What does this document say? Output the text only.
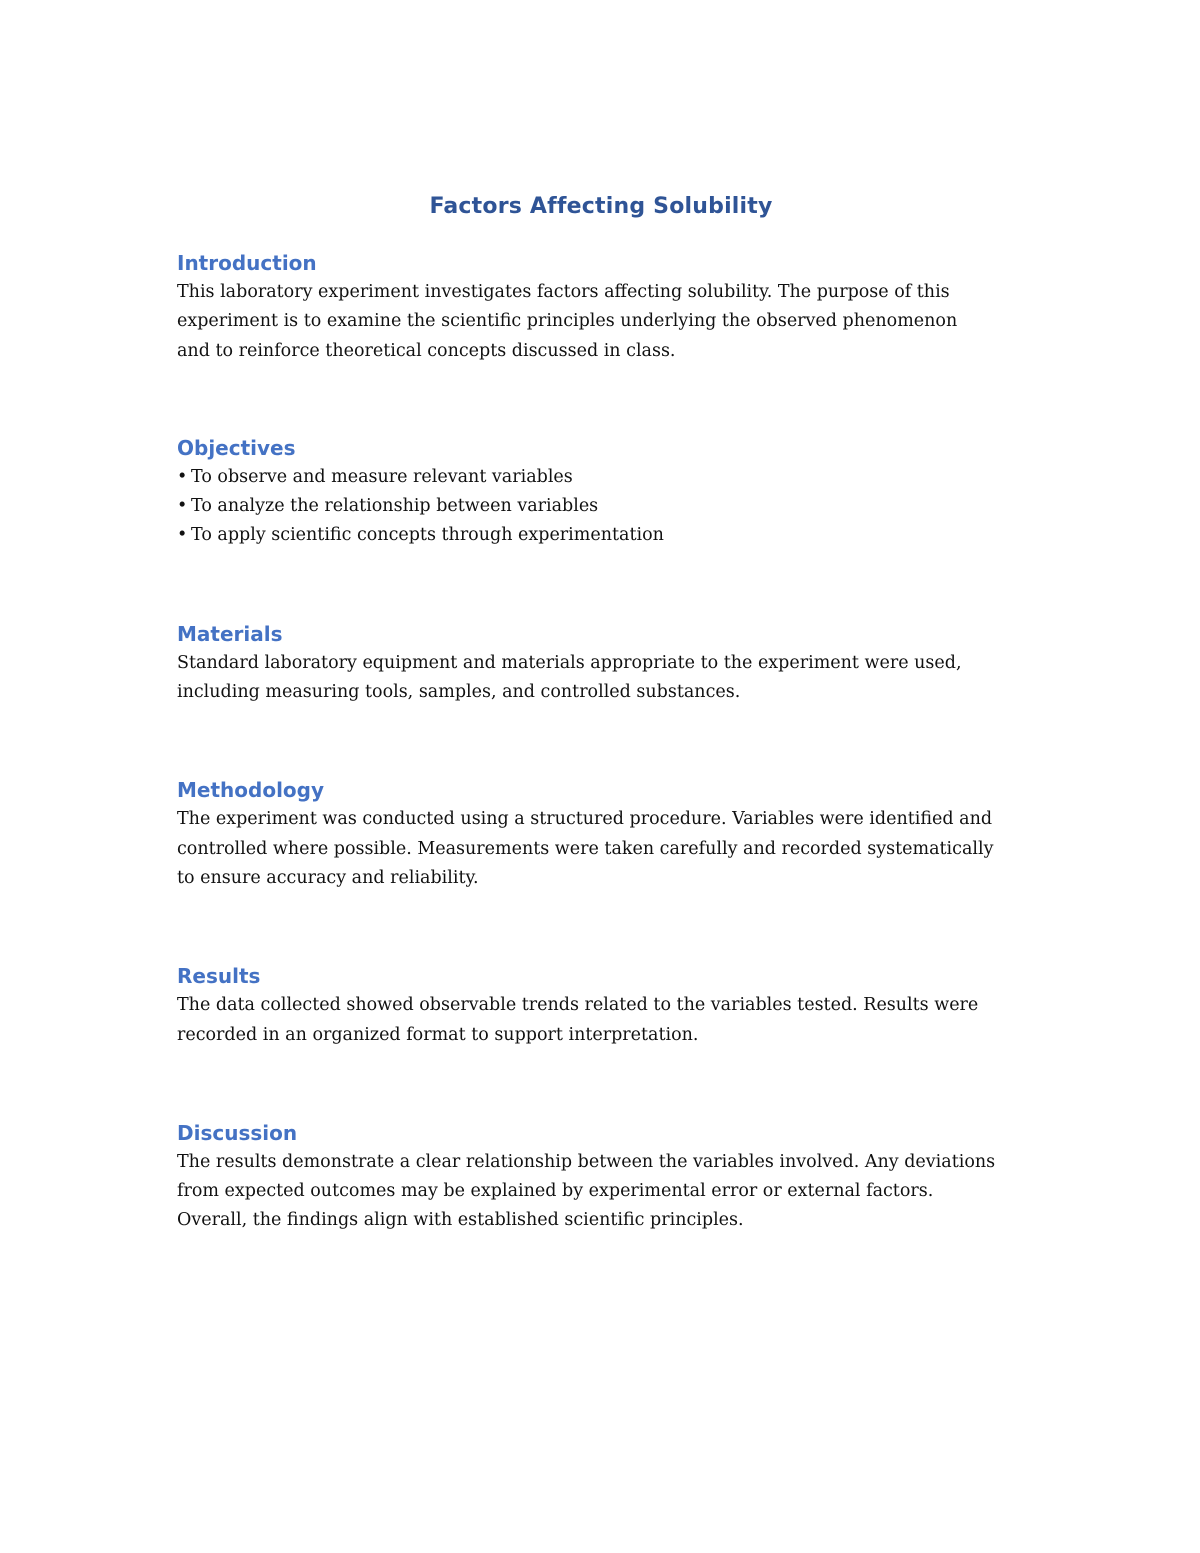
Factors Affecting Solubility
Introduction

This laboratory experiment investigates factors affecting solubility. The purpose of this
experiment is to examine the scientific principles underlying the observed phenomenon
and to reinforce theoretical concepts discussed in class.

Objectives
• To observe and measure relevant variables
• To analyze the relationship between variables
• To apply scientific concepts through experimentation
Materials

Standard laboratory equipment and materials appropriate to the experiment were used,
including measuring tools, samples, and controlled substances.

Methodology

The experiment was conducted using a structured procedure. Variables were identified and
controlled where possible. Measurements were taken carefully and recorded systematically
to ensure accuracy and reliability.

Results

The data collected showed observable trends related to the variables tested. Results were
recorded in an organized format to support interpretation.

Discussion

The results demonstrate a clear relationship between the variables involved. Any deviations
from expected outcomes may be explained by experimental error or external factors.
Overall, the findings align with established scientific principles.
